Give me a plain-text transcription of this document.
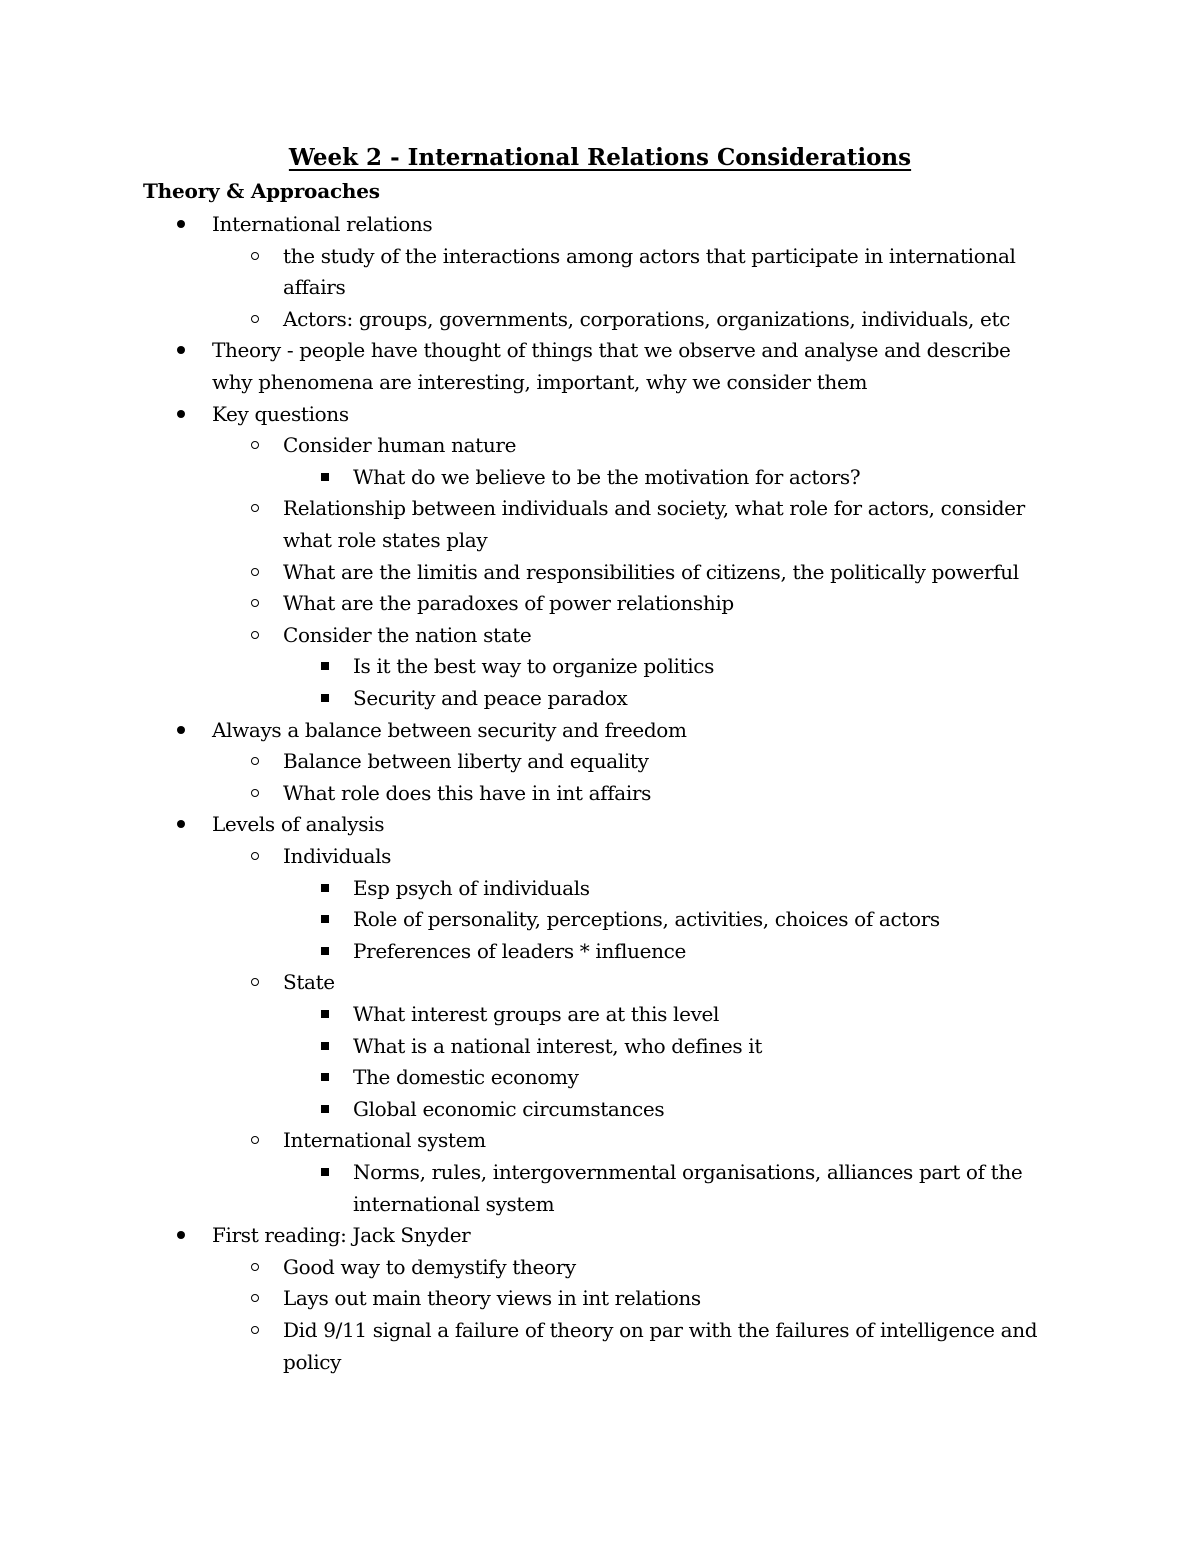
Week 2 - International Relations Considerations
Theory & Approaches
International relations
the study of the interactions among actors that participate in international
affairs
Actors: groups, governments, corporations, organizations, individuals, etc
Theory - people have thought of things that we observe and analyse and describe
why phenomena are interesting, important, why we consider them
Key questions
Consider human nature
What do we believe to be the motivation for actors?
Relationship between individuals and society, what role for actors, consider
what role states play
What are the limitis and responsibilities of citizens, the politically powerful
What are the paradoxes of power relationship
Consider the nation state
Is it the best way to organize politics
Security and peace paradox
Always a balance between security and freedom
Balance between liberty and equality
What role does this have in int affairs
Levels of analysis
Individuals
Esp psych of individuals
Role of personality, perceptions, activities, choices of actors
Preferences of leaders * influence
State
What interest groups are at this level
What is a national interest, who defines it
The domestic economy
Global economic circumstances
International system
Norms, rules, intergovernmental organisations, alliances part of the
international system
First reading: Jack Snyder
Good way to demystify theory
Lays out main theory views in int relations
Did 9/11 signal a failure of theory on par with the failures of intelligence and
policy
